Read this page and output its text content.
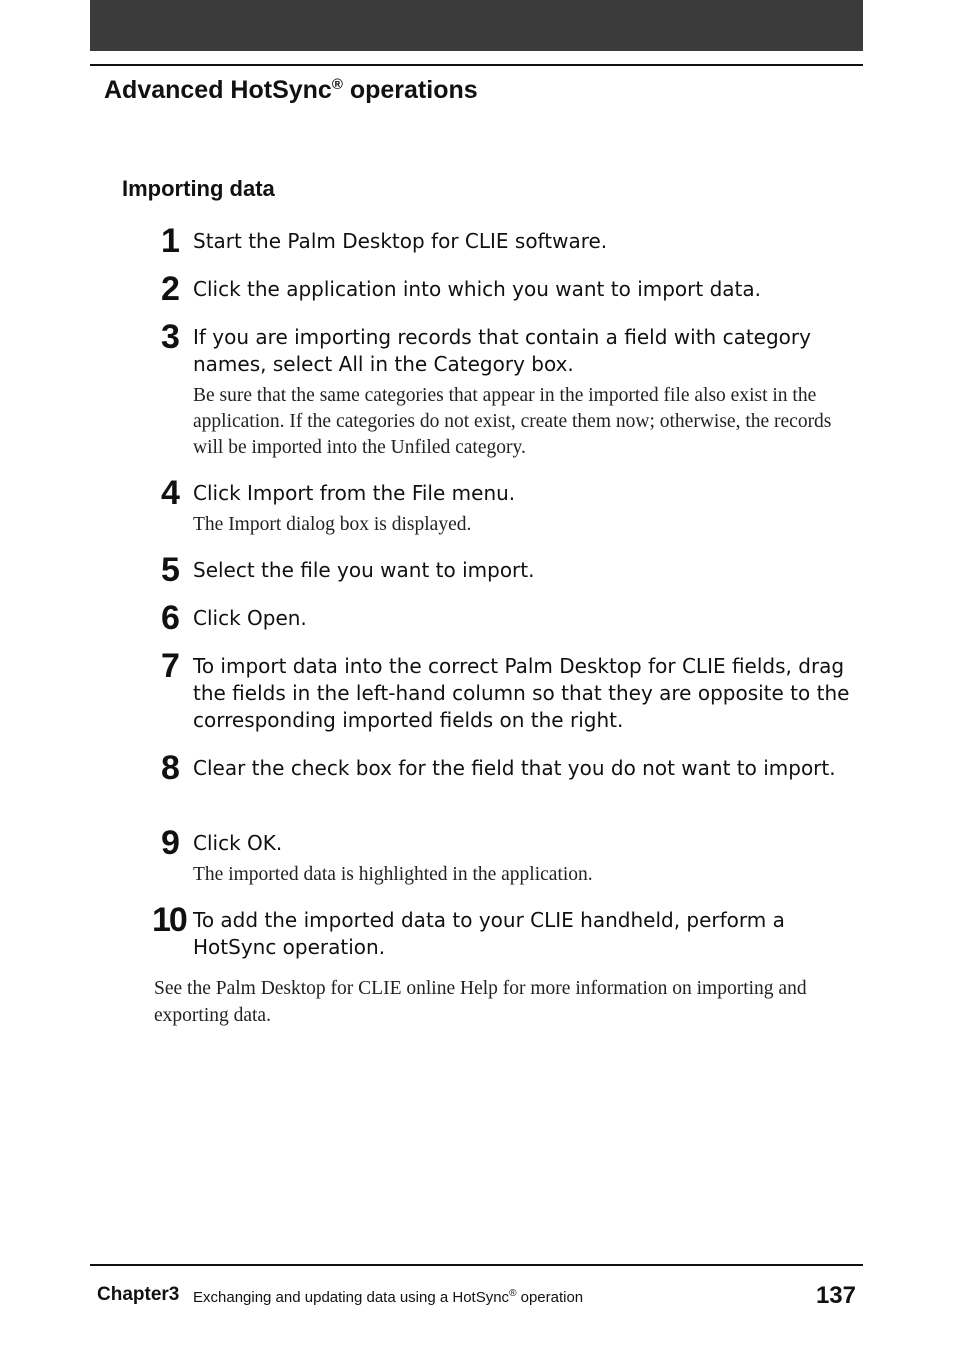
Advanced HotSync® operations
Importing data
1 Start the Palm Desktop for CLIE software.
2 Click the application into which you want to import data.
3 If you are importing records that contain a field with category names, select All in the Category box.
Be sure that the same categories that appear in the imported file also exist in the application. If the categories do not exist, create them now; otherwise, the records will be imported into the Unfiled category.
4 Click Import from the File menu.
The Import dialog box is displayed.
5 Select the file you want to import.
6 Click Open.
7 To import data into the correct Palm Desktop for CLIE fields, drag the fields in the left-hand column so that they are opposite to the corresponding imported fields on the right.
8 Clear the check box for the field that you do not want to import.
9 Click OK.
The imported data is highlighted in the application.
10 To add the imported data to your CLIE handheld, perform a HotSync operation.
See the Palm Desktop for CLIE online Help for more information on importing and exporting data.
Chapter3 Exchanging and updating data using a HotSync® operation	137
